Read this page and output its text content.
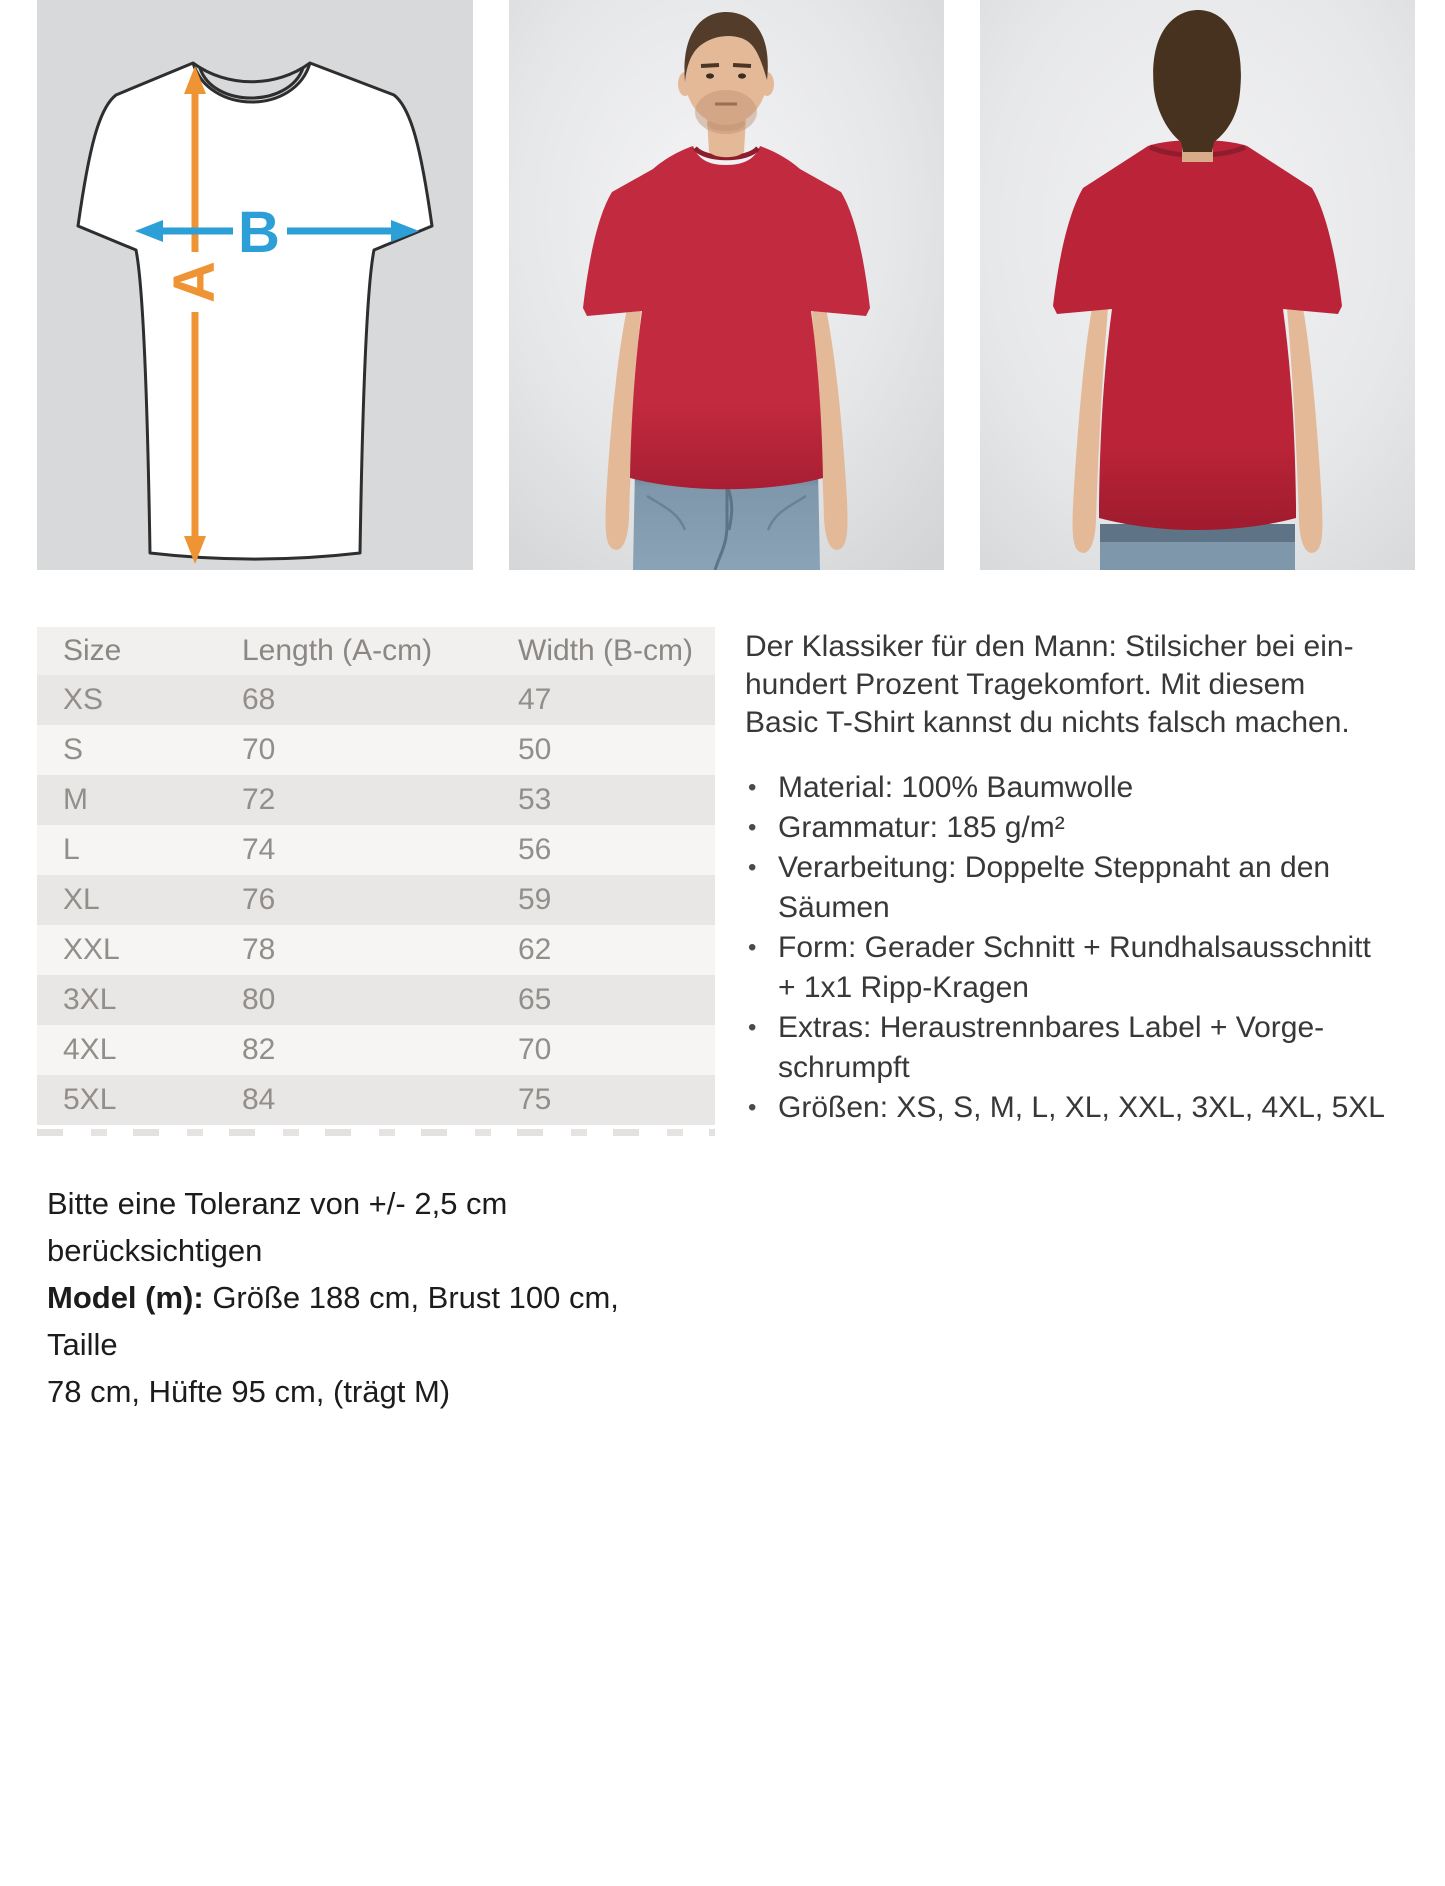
A
B
Size	Length (A-cm)	Width (B-cm)
XS	68	47
S	70	50
M	72	53
L	74	56
XL	76	59
XXL	78	62
3XL	80	65
4XL	82	70
5XL	84	75
Der Klassiker für den Mann: Stilsicher bei ein-
hundert Prozent Tragekomfort. Mit diesem
Basic T-Shirt kannst du nichts falsch machen.
• Material: 100% Baumwolle
• Grammatur: 185 g/m²
• Verarbeitung: Doppelte Steppnaht an den
Säumen
• Form: Gerader Schnitt + Rundhalsausschnitt
+ 1x1 Ripp-Kragen
• Extras: Heraustrennbares Label + Vorge-
schrumpft
• Größen: XS, S, M, L, XL, XXL, 3XL, 4XL, 5XL
Bitte eine Toleranz von +/- 2,5 cm berücksichtigen
Model (m): Größe 188 cm, Brust 100 cm, Taille
78 cm, Hüfte 95 cm, (trägt M)
